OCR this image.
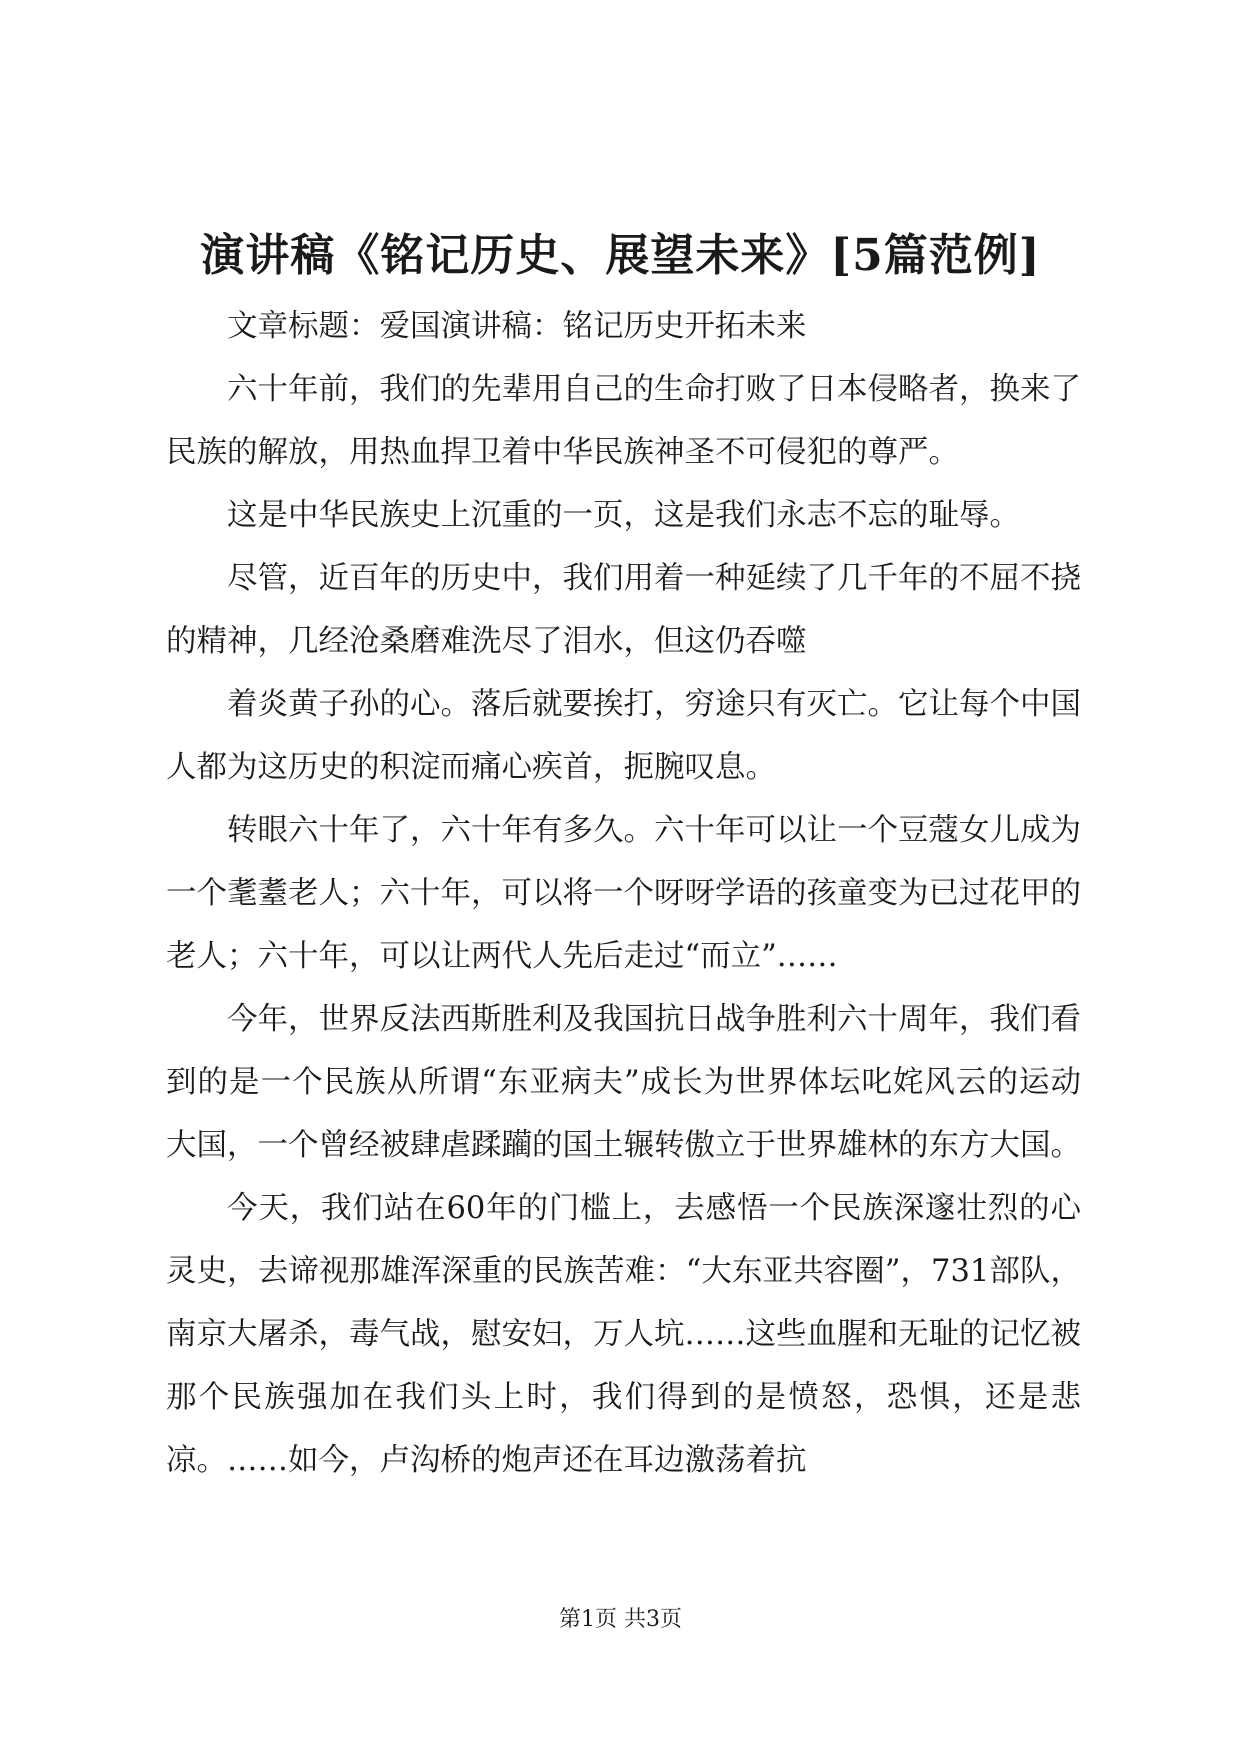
演讲稿《铭记历史、展望未来》[5篇范例]

文章标题：爱国演讲稿：铭记历史开拓未来

六十年前，我们的先辈用自己的生命打败了日本侵略者，换来了民族的解放，用热血捍卫着中华民族神圣不可侵犯的尊严。

这是中华民族史上沉重的一页，这是我们永志不忘的耻辱。

尽管，近百年的历史中，我们用着一种延续了几千年的不屈不挠的精神，几经沧桑磨难洗尽了泪水，但这仍吞噬

着炎黄子孙的心。落后就要挨打，穷途只有灭亡。它让每个中国人都为这历史的积淀而痛心疾首，扼腕叹息。

转眼六十年了，六十年有多久。六十年可以让一个豆蔻女儿成为一个耄耋老人；六十年，可以将一个呀呀学语的孩童变为已过花甲的老人；六十年，可以让两代人先后走过“而立”……

今年，世界反法西斯胜利及我国抗日战争胜利六十周年，我们看到的是一个民族从所谓“东亚病夫”成长为世界体坛叱姹风云的运动大国，一个曾经被肆虐蹂躏的国土辗转傲立于世界雄林的东方大国。

今天，我们站在60年的门槛上，去感悟一个民族深邃壮烈的心灵史，去谛视那雄浑深重的民族苦难：“大东亚共容圈”，731部队，南京大屠杀，毒气战，慰安妇，万人坑……这些血腥和无耻的记忆被那个民族强加在我们头上时，我们得到的是愤怒，恐惧，还是悲凉。……如今，卢沟桥的炮声还在耳边激荡着抗

第1页 共3页
